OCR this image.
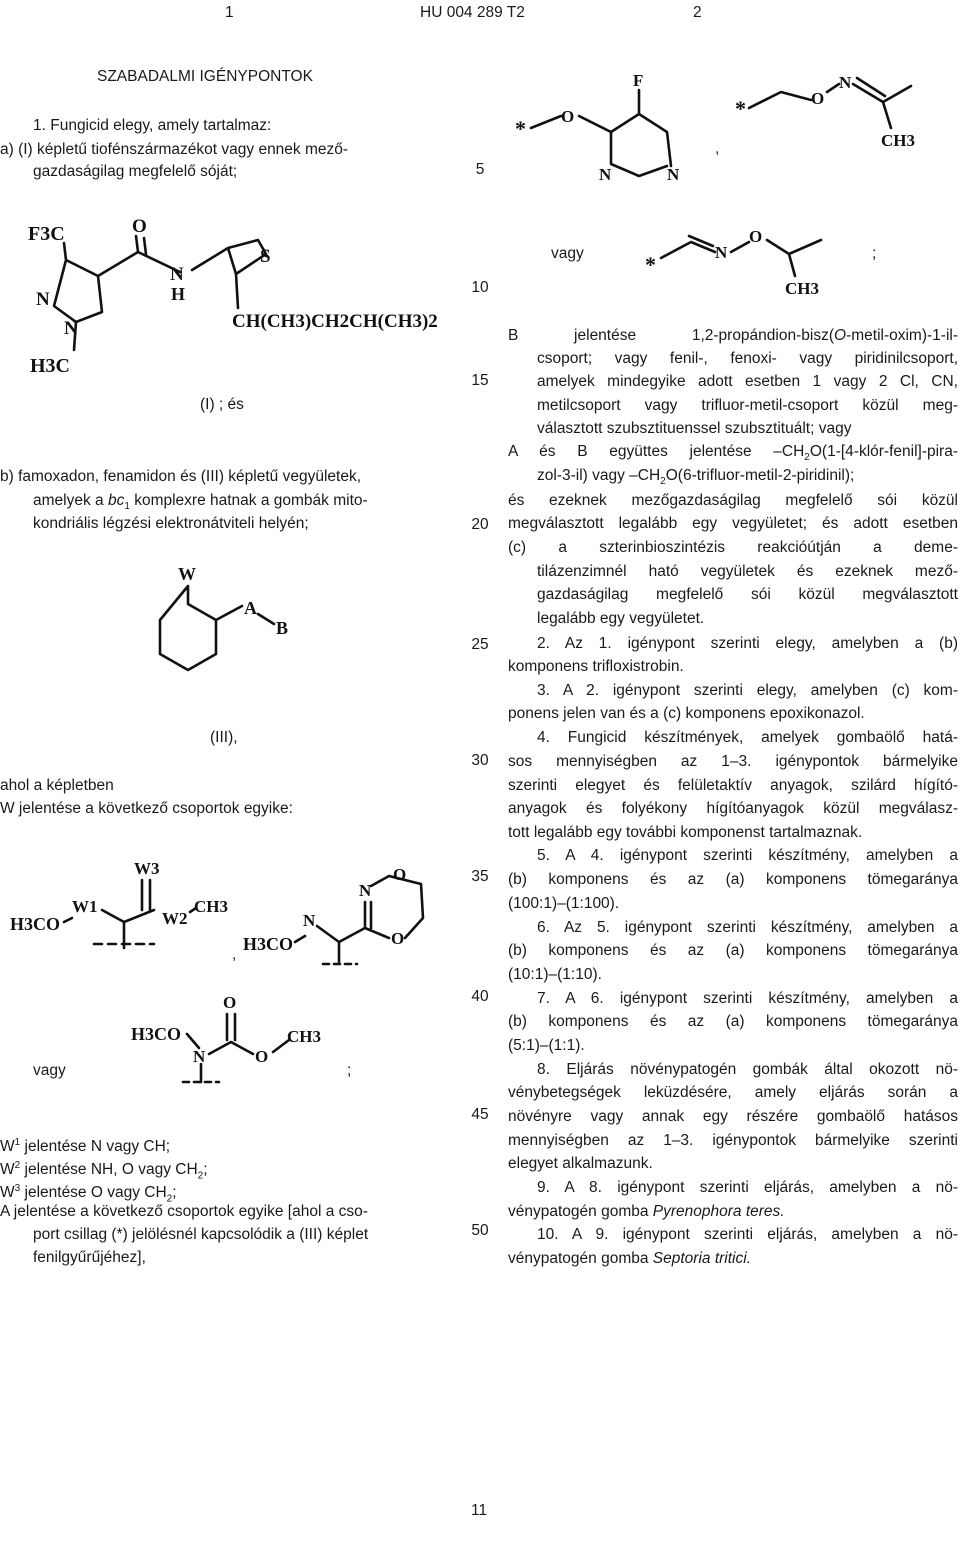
1	HU 004 289 T2	2
5
10
15
20
25
30
35
40
45
50
SZABADALMI IGÉNYPONTOK
1. Fungicid elegy, amely tartalmaz:
a) (I) képletű tiofénszármazékot vagy ennek mező-
gazdaságilag megfelelő sóját;
F3C
N
N
H3C
O
N
H
S
CH(CH3)CH2CH(CH3)2
(I) ; és
b) famoxadon, fenamidon és (III) képletű vegyületek,
amelyek a $bc_1$ komplexre hatnak a gombák mito-
kondriális légzési elektronátviteli helyén;
W
A
B
(III),
ahol a képletben
W jelentése a következő csoportok egyike:
H3CO
W1
W3
W2
CH3
,
H3CO
N
N
O
O
vagy
O
H3CO
N	O
CH3
;
$W^1$ jelentése N vagy CH;
$W^2$ jelentése NH, O vagy $CH_2$;
$W^3$ jelentése O vagy $CH_2$;
A jelentése a következő csoportok egyike [ahol a cso-
port csillag (*) jelölésnél kapcsolódik a (III) képlet
fenilgyűrűjéhez],
* O
F
N	N
,
*	O
N
CH3
vagy	*	N
O
CH3
;
B jelentése 1,2-propándion-bisz(O-metil-oxim)-1-il-
csoport; vagy fenil-, fenoxi- vagy piridinilcsoport,
amelyek mindegyike adott esetben 1 vagy 2 Cl, CN,
metilcsoport vagy trifluor-metil-csoport közül meg-
választott szubsztituenssel szubsztituált; vagy
A és B együttes jelentése $-CH_2O(1-[4-klór-fenil]-pira-$
zol-3-il) vagy $-CH_2O(6-trifluor-metil-2-piridinil)$;
és ezeknek mezőgazdaságilag megfelelő sói közül
megválasztott legalább egy vegyületet; és adott esetben
(c) a szterinbioszintézis reakcióútján a deme-
tilázenzimnél ható vegyületek és ezeknek mező-
gazdaságilag megfelelő sói közül megválasztott
legalább egy vegyületet.
2. Az 1. igénypont szerinti elegy, amelyben a (b)
komponens trifloxistrobin.
3. A 2. igénypont szerinti elegy, amelyben (c) kom-
ponens jelen van és a (c) komponens epoxikonazol.
4. Fungicid készítmények, amelyek gombaölő hatá-
sos mennyiségben az 1–3. igénypontok bármelyike
szerinti elegyet és felületaktív anyagok, szilárd hígító-
anyagok és folyékony hígítóanyagok közül megválasz-
tott legalább egy további komponenst tartalmaznak.
5. A 4. igénypont szerinti készítmény, amelyben a
(b) komponens és az (a) komponens tömegaránya
(100:1)–(1:100).
6. Az 5. igénypont szerinti készítmény, amelyben a
(b) komponens és az (a) komponens tömegaránya
(10:1)–(1:10).
7. A 6. igénypont szerinti készítmény, amelyben a
(b) komponens és az (a) komponens tömegaránya
(5:1)–(1:1).
8. Eljárás növénypatogén gombák által okozott nö-
vénybetegségek leküzdésére, amely eljárás során a
növényre vagy annak egy részére gombaölő hatásos
mennyiségben az 1–3. igénypontok bármelyike szerinti
elegyet alkalmazunk.
9. A 8. igénypont szerinti eljárás, amelyben a nö-
vénypatogén gomba Pyrenophora teres.
10. A 9. igénypont szerinti eljárás, amelyben a nö-
vénypatogén gomba Septoria tritici.
11
